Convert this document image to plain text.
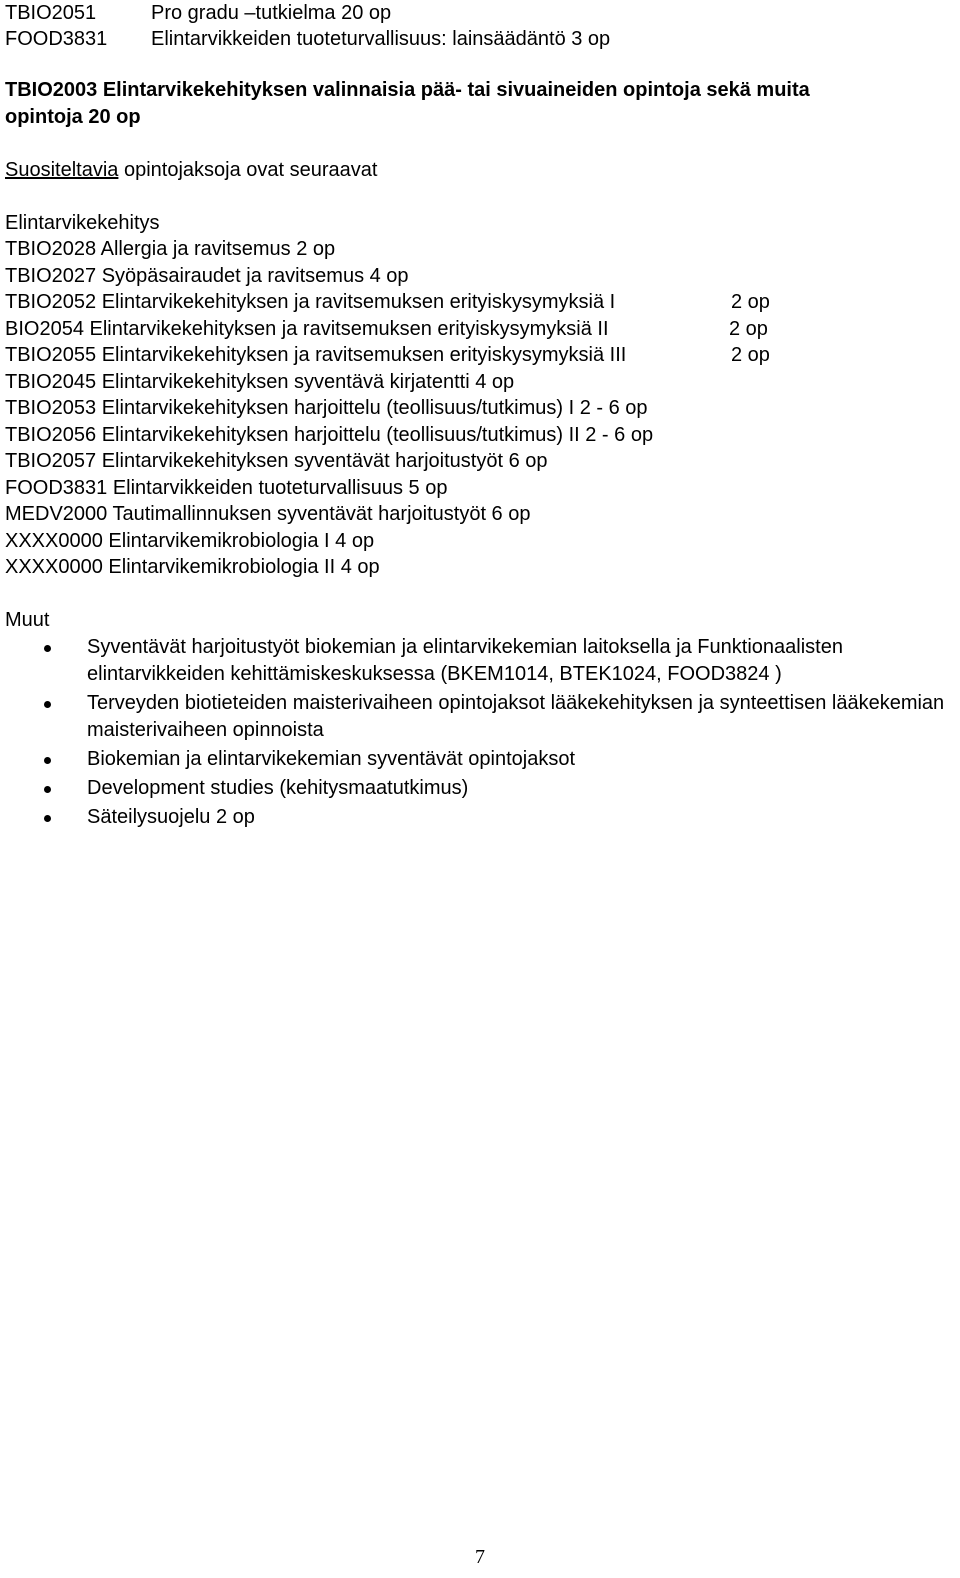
TBIO2051	Pro gradu –tutkielma 20 op
FOOD3831 Elintarvikkeiden tuoteturvallisuus: lainsäädäntö 3 op
TBIO2003 Elintarvikekehityksen valinnaisia pää- tai sivuaineiden opintoja sekä muita
opintoja 20 op
Suositeltavia opintojaksoja ovat seuraavat
Elintarvikekehitys
TBIO2028 Allergia ja ravitsemus 2 op
TBIO2027 Syöpäsairaudet ja ravitsemus 4 op
TBIO2052 Elintarvikekehityksen ja ravitsemuksen erityiskysymyksiä I	2 op
BIO2054 Elintarvikekehityksen ja ravitsemuksen erityiskysymyksiä II	2 op
TBIO2055 Elintarvikekehityksen ja ravitsemuksen erityiskysymyksiä III	2 op
TBIO2045 Elintarvikekehityksen syventävä kirjatentti 4 op
TBIO2053 Elintarvikekehityksen harjoittelu (teollisuus/tutkimus) I 2 - 6 op
TBIO2056 Elintarvikekehityksen harjoittelu (teollisuus/tutkimus) II 2 - 6 op
TBIO2057 Elintarvikekehityksen syventävät harjoitustyöt 6 op
FOOD3831 Elintarvikkeiden tuoteturvallisuus 5 op
MEDV2000 Tautimallinnuksen syventävät harjoitustyöt 6 op
XXXX0000 Elintarvikemikrobiologia I 4 op
XXXX0000 Elintarvikemikrobiologia II 4 op
Muut
Syventävät harjoitustyöt biokemian ja elintarvikekemian laitoksella ja Funktionaalisten elintarvikkeiden kehittämiskeskuksessa (BKEM1014, BTEK1024, FOOD3824 )
Terveyden biotieteiden maisterivaiheen opintojaksot lääkekehityksen ja synteettisen lääkekemian maisterivaiheen opinnoista
Biokemian ja elintarvikekemian syventävät opintojaksot
Development studies (kehitysmaatutkimus)
Säteilysuojelu 2 op
7
